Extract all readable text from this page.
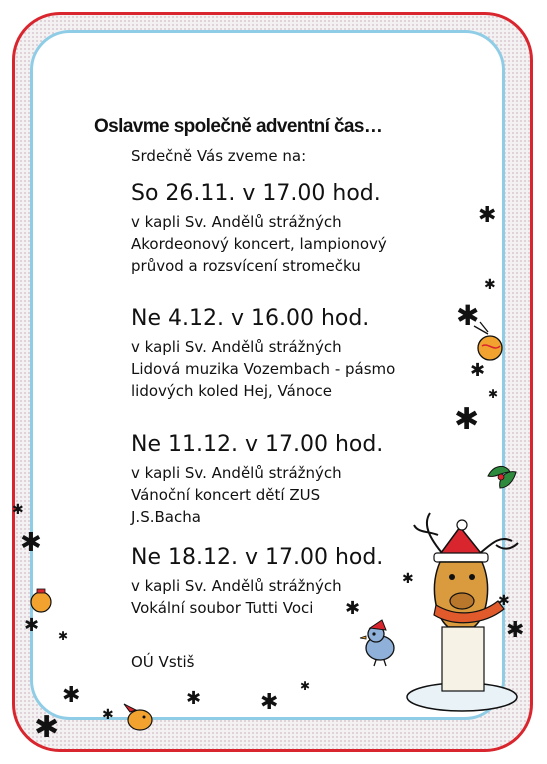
Oslavme společně adventní čas…
Srdečně Vás zveme na:
So 26.11. v 17.00 hod.
v kapli Sv. Andělů strážných
Akordeonový koncert, lampionový
průvod a rozsvícení stromečku
Ne 4.12. v 16.00 hod.
v kapli Sv. Andělů strážných
Lidová muzika Vozembach - pásmo
lidových koled Hej, Vánoce
Ne 11.12. v 17.00 hod.
v kapli Sv. Andělů strážných
Vánoční koncert dětí ZUS
J.S.Bacha
Ne 18.12. v 17.00 hod.
v kapli Sv. Andělů strážných
Vokální soubor Tutti Voci
OÚ Vstiš
✱
✱
✱
✱
✱
✱
✱
✱
✱ ✱
✱
✱
✱
✱	✱
✱
✱
✱
✱
✱
